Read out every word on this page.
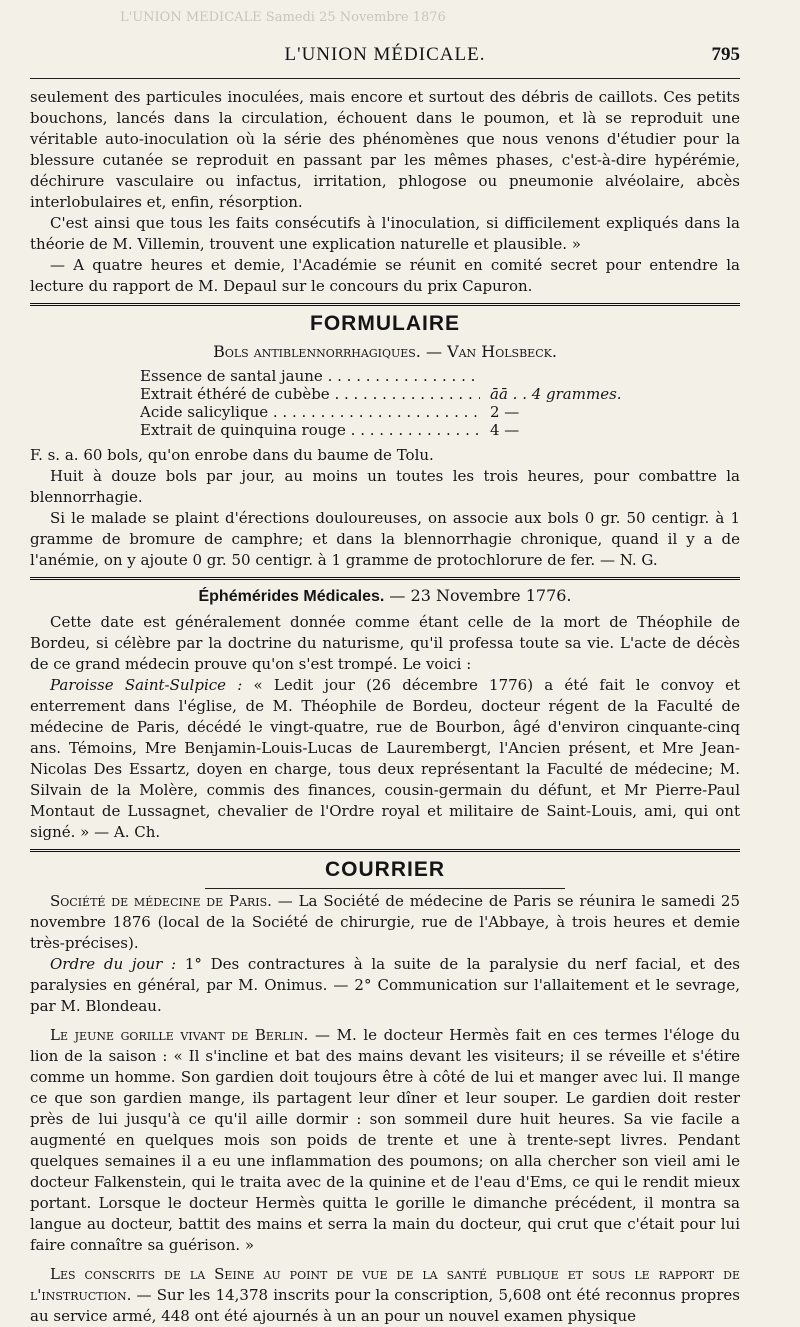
L'UNION MÉDICALE Samedi 25 Novembre 1876
L'UNION MÉDICALE.	795

seulement des particules inoculées, mais encore et surtout des débris de caillots. Ces petits bouchons, lancés dans la circulation, échouent dans le poumon, et là se reproduit une véritable auto-inoculation où la série des phénomènes que nous venons d'étudier pour la blessure cutanée se reproduit en passant par les mêmes phases, c'est-à-dire hypérémie, déchirure vasculaire ou infactus, irritation, phlogose ou pneumonie alvéolaire, abcès interlobulaires et, enfin, résorption.

C'est ainsi que tous les faits consécutifs à l'inoculation, si difficilement expliqués dans la théorie de M. Villemin, trouvent une explication naturelle et plausible. »

— A quatre heures et demie, l'Académie se réunit en comité secret pour entendre la lecture du rapport de M. Depaul sur le concours du prix Capuron.

FORMULAIRE
Bols antiblennorrhagiques. — Van Holsbeck.
Essence de santal jaune . . .
Extrait éthéré de cubèbe . . .	āā . . 4 grammes.
Acide salicylique . . .	2 —
Extrait de quinquina rouge . . .	4 —

F. s. a. 60 bols, qu'on enrobe dans du baume de Tolu.

Huit à douze bols par jour, au moins un toutes les trois heures, pour combattre la blennorrhagie.

Si le malade se plaint d'érections douloureuses, on associe aux bols 0 gr. 50 centigr. à 1 gramme de bromure de camphre; et dans la blennorrhagie chronique, quand il y a de l'anémie, on y ajoute 0 gr. 50 centigr. à 1 gramme de protochlorure de fer. — N. G.

Éphémérides Médicales. — 23 Novembre 1776.

Cette date est généralement donnée comme étant celle de la mort de Théophile de Bordeu, si célèbre par la doctrine du naturisme, qu'il professa toute sa vie. L'acte de décès de ce grand médecin prouve qu'on s'est trompé. Le voici :

Paroisse Saint-Sulpice : « Ledit jour (26 décembre 1776) a été fait le convoy et enterrement dans l'église, de M. Théophile de Bordeu, docteur régent de la Faculté de médecine de Paris, décédé le vingt-quatre, rue de Bourbon, âgé d'environ cinquante-cinq ans. Témoins, Mre Benjamin-Louis-Lucas de Laurembergt, l'Ancien présent, et Mre Jean-Nicolas Des Essartz, doyen en charge, tous deux représentant la Faculté de médecine; M. Silvain de la Molère, commis des finances, cousin-germain du défunt, et Mr Pierre-Paul Montaut de Lussagnet, chevalier de l'Ordre royal et militaire de Saint-Louis, ami, qui ont signé. » — A. Ch.

COURRIER

Société de médecine de Paris. — La Société de médecine de Paris se réunira le samedi 25 novembre 1876 (local de la Société de chirurgie, rue de l'Abbaye, à trois heures et demie très-précises).

Ordre du jour : 1° Des contractures à la suite de la paralysie du nerf facial, et des paralysies en général, par M. Onimus. — 2° Communication sur l'allaitement et le sevrage, par M. Blondeau.

Le jeune gorille vivant de Berlin. — M. le docteur Hermès fait en ces termes l'éloge du lion de la saison : « Il s'incline et bat des mains devant les visiteurs; il se réveille et s'étire comme un homme. Son gardien doit toujours être à côté de lui et manger avec lui. Il mange ce que son gardien mange, ils partagent leur dîner et leur souper. Le gardien doit rester près de lui jusqu'à ce qu'il aille dormir : son sommeil dure huit heures. Sa vie facile a augmenté en quelques mois son poids de trente et une à trente-sept livres. Pendant quelques semaines il a eu une inflammation des poumons; on alla chercher son vieil ami le docteur Falkenstein, qui le traita avec de la quinine et de l'eau d'Ems, ce qui le rendit mieux portant. Lorsque le docteur Hermès quitta le gorille le dimanche précédent, il montra sa langue au docteur, battit des mains et serra la main du docteur, qui crut que c'était pour lui faire connaître sa guérison. »

Les conscrits de la Seine au point de vue de la santé publique et sous le rapport de l'instruction. — Sur les 14,378 inscrits pour la conscription, 5,608 ont été reconnus propres au service armé, 448 ont été ajournés à un an pour un nouvel examen physique
